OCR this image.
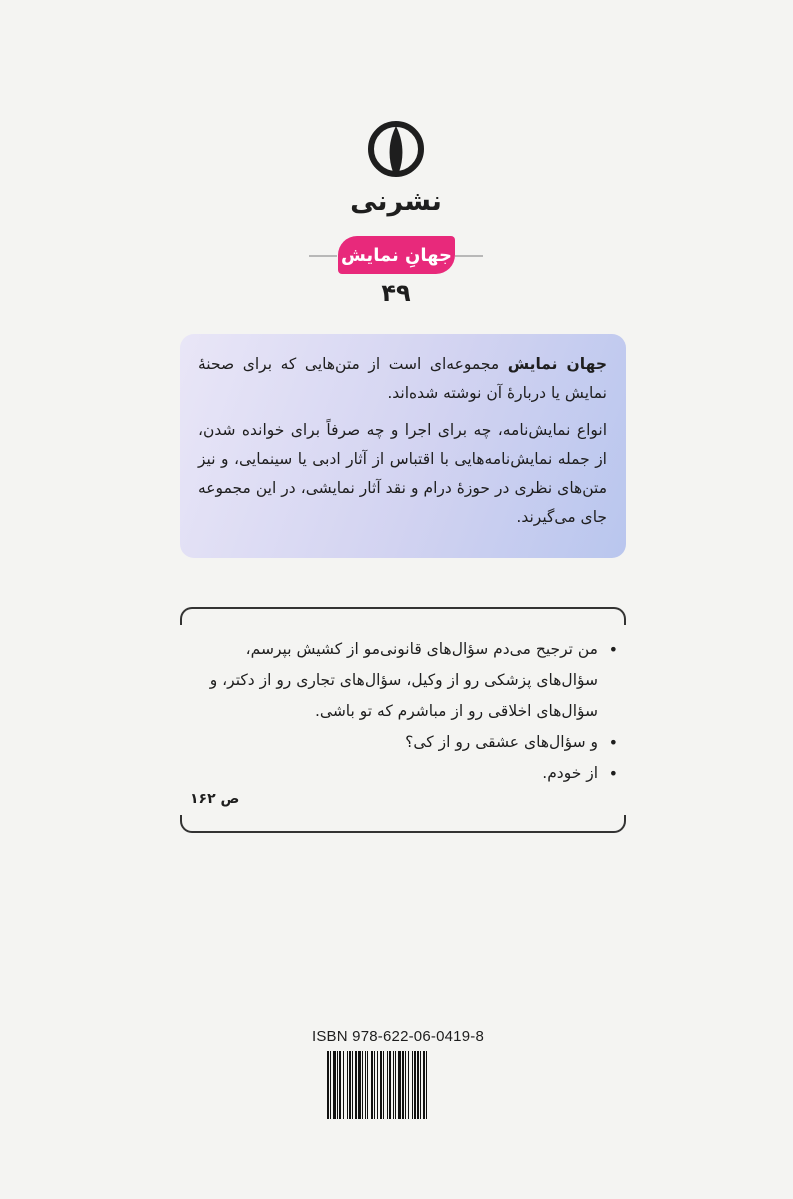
نشرنی
جهانِ نمایش
۴۹

جهان نمایش مجموعه‌ای است از متن‌هایی که برای صحنهٔ نمایش یا دربارهٔ آن نوشته شده‌اند.

انواع نمایش‌نامه، چه برای اجرا و چه صرفاً برای خوانده شدن، از جمله نمایش‌نامه‌هایی با اقتباس از آثار ادبی یا سینمایی، و نیز متن‌های نظری در حوزهٔ درام و نقد آثار نمایشی، در این مجموعه جای می‌گیرند.

•
من ترجیح می‌دم سؤال‌های قانونی‌مو از کشیش بپرسم، سؤال‌های پزشکی رو از وکیل، سؤال‌های تجاری رو از دکتر، و سؤال‌های اخلاقی رو از مباشرم که تو باشی.
•
و سؤال‌های عشقی رو از کی؟
•
از خودم.
ص ۱۶۲
ISBN 978-622-06-0419-8
